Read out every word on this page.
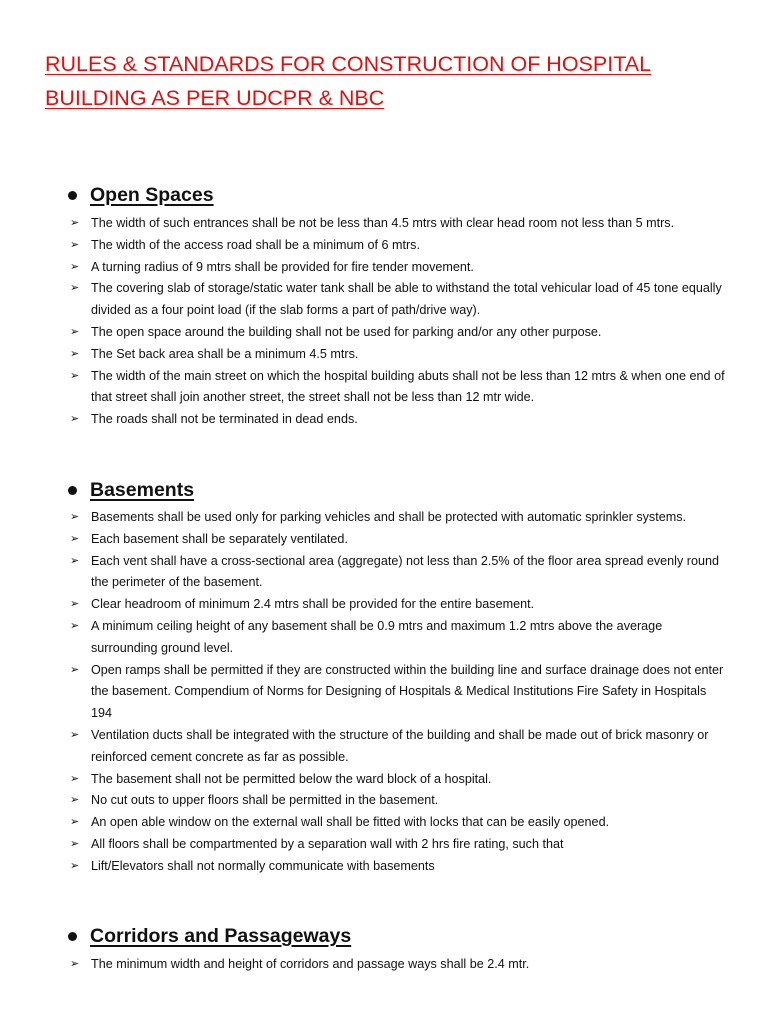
RULES & STANDARDS FOR CONSTRUCTION OF HOSPITAL
BUILDING AS PER UDCPR & NBC
Open Spaces
➢ The width of such entrances shall be not be less than 4.5 mtrs with clear head room not less than 5 mtrs.
➢ The width of the access road shall be a minimum of 6 mtrs.
➢ A turning radius of 9 mtrs shall be provided for fire tender movement.
➢ The covering slab of storage/static water tank shall be able to withstand the total vehicular load of 45 tone equally divided as a four point load (if the slab forms a part of path/drive way).
➢ The open space around the building shall not be used for parking and/or any other purpose.
➢ The Set back area shall be a minimum 4.5 mtrs.
➢ The width of the main street on which the hospital building abuts shall not be less than 12 mtrs & when one end of that street shall join another street, the street shall not be less than 12 mtr wide.
➢ The roads shall not be terminated in dead ends.
Basements
➢ Basements shall be used only for parking vehicles and shall be protected with automatic sprinkler systems.
➢ Each basement shall be separately ventilated.
➢ Each vent shall have a cross-sectional area (aggregate) not less than 2.5% of the floor area spread evenly round the perimeter of the basement.
➢ Clear headroom of minimum 2.4 mtrs shall be provided for the entire basement.
➢ A minimum ceiling height of any basement shall be 0.9 mtrs and maximum 1.2 mtrs above the average surrounding ground level.
➢ Open ramps shall be permitted if they are constructed within the building line and surface drainage does not enter the basement. Compendium of Norms for Designing of Hospitals & Medical Institutions Fire Safety in Hospitals 194
➢ Ventilation ducts shall be integrated with the structure of the building and shall be made out of brick masonry or reinforced cement concrete as far as possible.
➢ The basement shall not be permitted below the ward block of a hospital.
➢ No cut outs to upper floors shall be permitted in the basement.
➢ An open able window on the external wall shall be fitted with locks that can be easily opened.
➢ All floors shall be compartmented by a separation wall with 2 hrs fire rating, such that
➢ Lift/Elevators shall not normally communicate with basements
Corridors and Passageways
➢ The minimum width and height of corridors and passage ways shall be 2.4 mtr.
